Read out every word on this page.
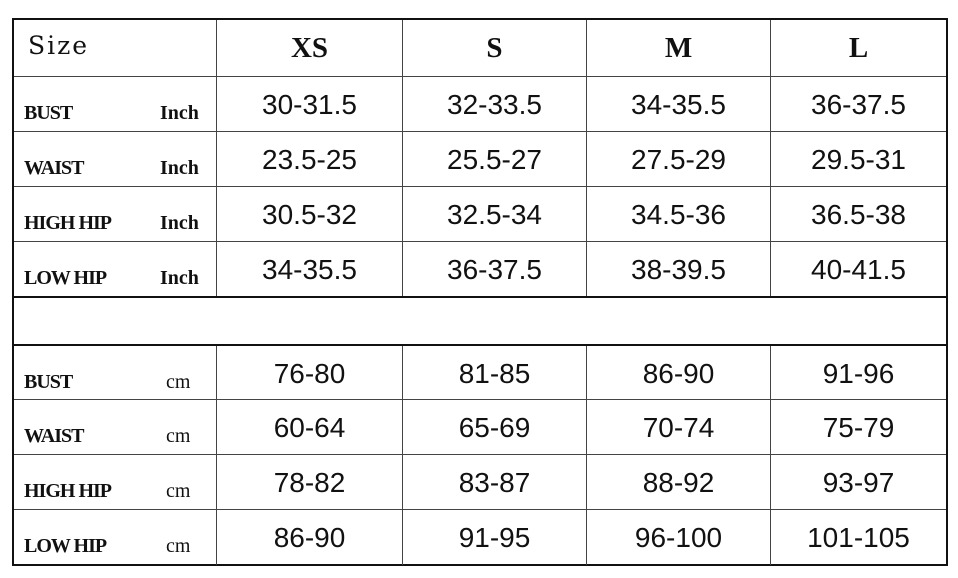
Size	XS	S	M	L
BUST	Inch	30-31.5	32-33.5	34-35.5	36-37.5
WAIST	Inch	23.5-25	25.5-27	27.5-29	29.5-31
HIGH HIP Inch	30.5-32	32.5-34	34.5-36	36.5-38
LOW HIP	Inch	34-35.5	36-37.5	38-39.5	40-41.5
BUST	cm	76-80	81-85	86-90	91-96
WAIST	cm	60-64	65-69	70-74	75-79
HIGH HIP	cm	78-82	83-87	88-92	93-97
LOW HIP	cm	86-90	91-95	96-100	101-105
